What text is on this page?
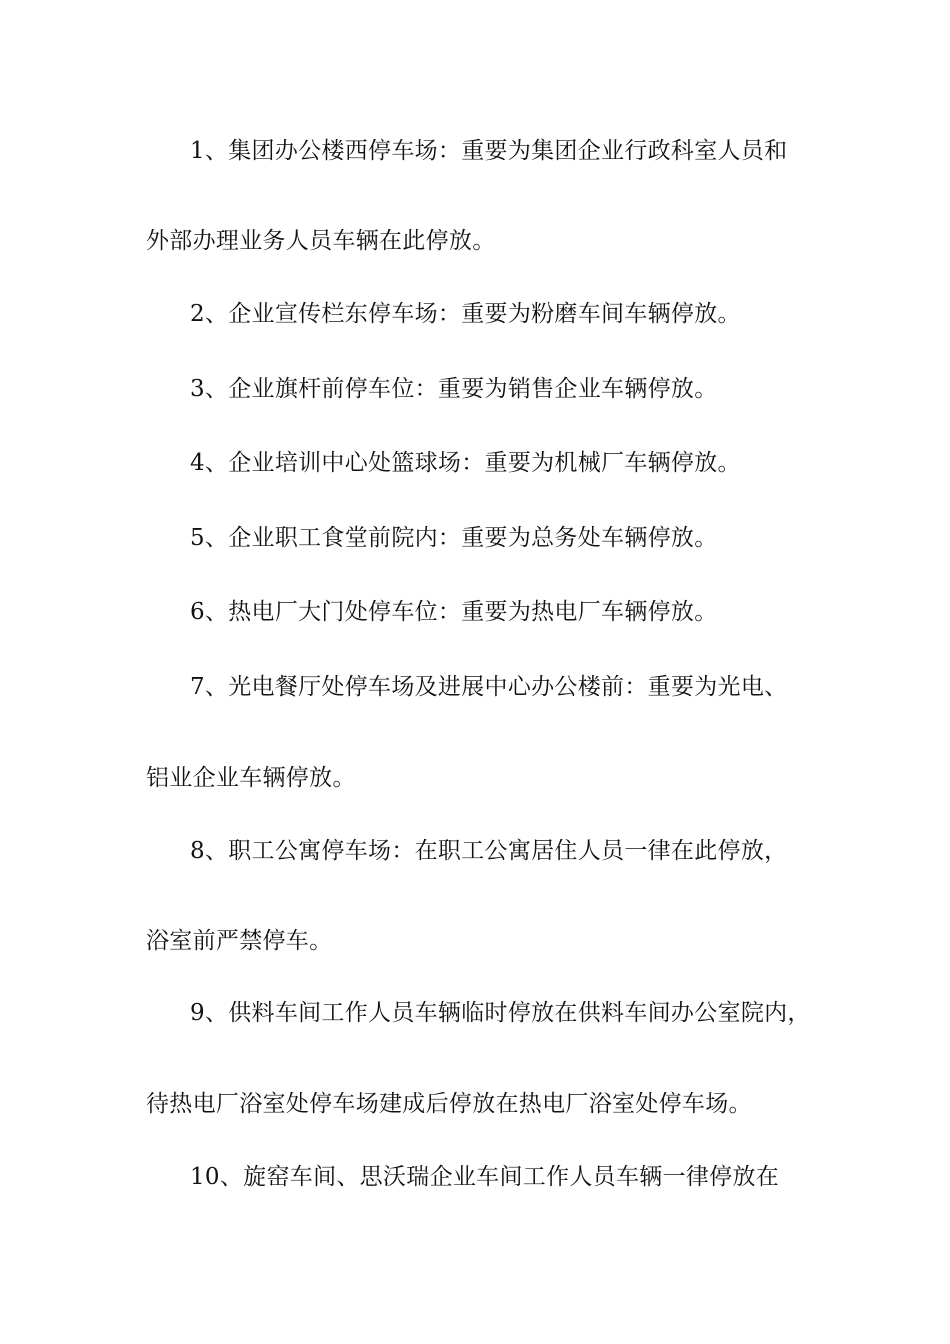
1、集团办公楼西停车场：重要为集团企业行政科室人员和
外部办理业务人员车辆在此停放。
2、企业宣传栏东停车场：重要为粉磨车间车辆停放。
3、企业旗杆前停车位：重要为销售企业车辆停放。
4、企业培训中心处篮球场：重要为机械厂车辆停放。
5、企业职工食堂前院内：重要为总务处车辆停放。
6、热电厂大门处停车位：重要为热电厂车辆停放。
7、光电餐厅处停车场及进展中心办公楼前：重要为光电、
铝业企业车辆停放。
8、职工公寓停车场：在职工公寓居住人员一律在此停放，
浴室前严禁停车。
9、供料车间工作人员车辆临时停放在供料车间办公室院内，
待热电厂浴室处停车场建成后停放在热电厂浴室处停车场。
10、旋窑车间、思沃瑞企业车间工作人员车辆一律停放在
